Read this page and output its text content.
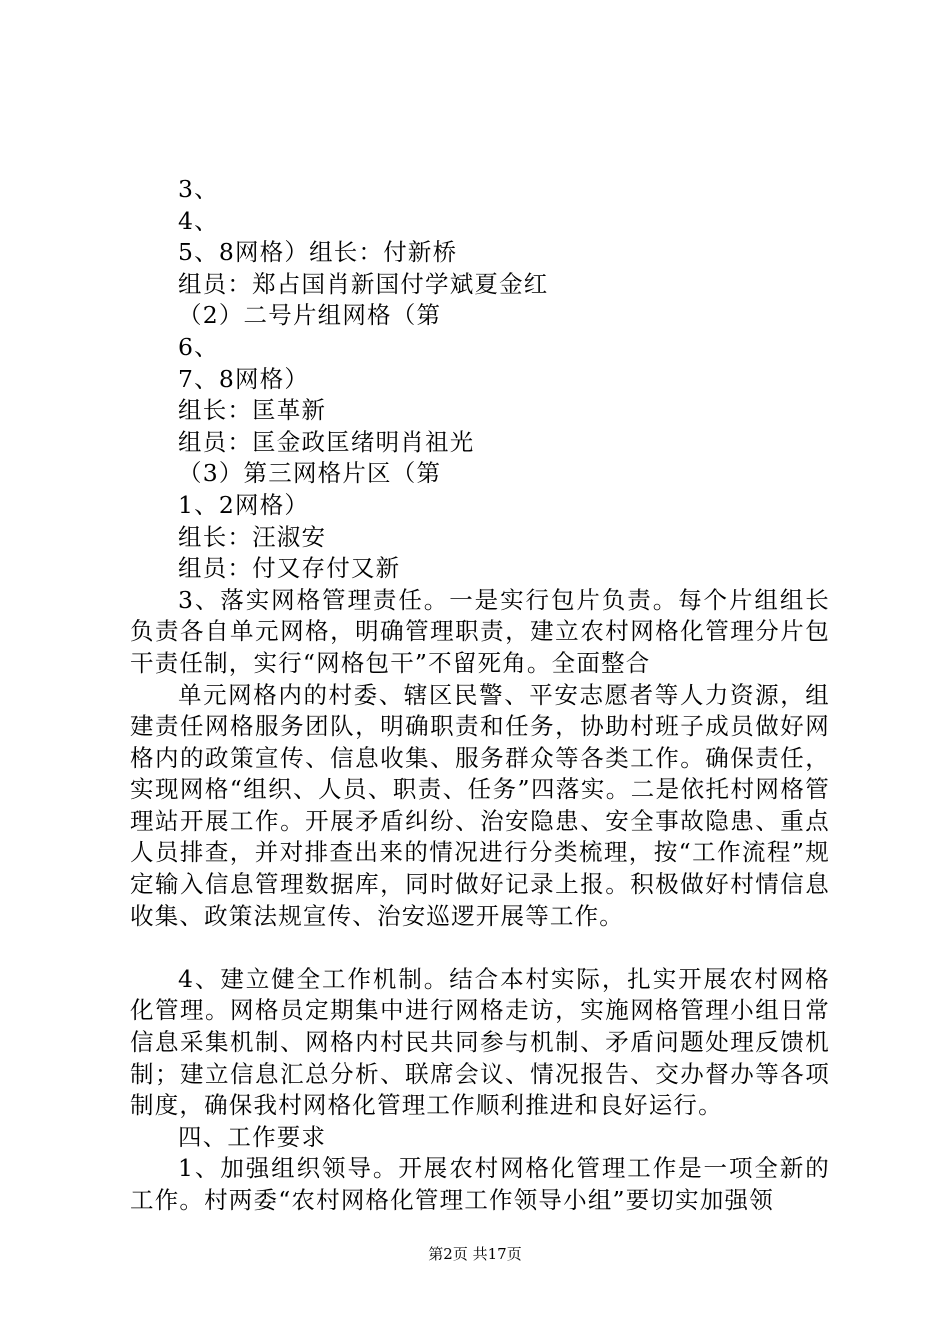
3、
4、
5、8网格）组长：付新桥
组员：郑占国肖新国付学斌夏金红
（2）二号片组网格（第
6、
7、8网格）
组长：匡革新
组员：匡金政匡绪明肖祖光
（3）第三网格片区（第
1、2网格）
组长：汪淑安
组员：付又存付又新
3、落实网格管理责任。一是实行包片负责。每个片组组长负责各自单元网格，明确管理职责，建立农村网格化管理分片包干责任制，实行“网格包干”不留死角。全面整合
单元网格内的村委、辖区民警、平安志愿者等人力资源，组建责任网格服务团队，明确职责和任务，协助村班子成员做好网格内的政策宣传、信息收集、服务群众等各类工作。确保责任，实现网格“组织、人员、职责、任务”四落实。二是依托村网格管理站开展工作。开展矛盾纠纷、治安隐患、安全事故隐患、重点人员排查，并对排查出来的情况进行分类梳理，按“工作流程”规定输入信息管理数据库，同时做好记录上报。积极做好村情信息收集、政策法规宣传、治安巡逻开展等工作。
4、建立健全工作机制。结合本村实际，扎实开展农村网格化管理。网格员定期集中进行网格走访，实施网格管理小组日常信息采集机制、网格内村民共同参与机制、矛盾问题处理反馈机制；建立信息汇总分析、联席会议、情况报告、交办督办等各项制度，确保我村网格化管理工作顺利推进和良好运行。
四、工作要求
1、加强组织领导。开展农村网格化管理工作是一项全新的工作。村两委“农村网格化管理工作领导小组”要切实加强领
第2页 共17页
